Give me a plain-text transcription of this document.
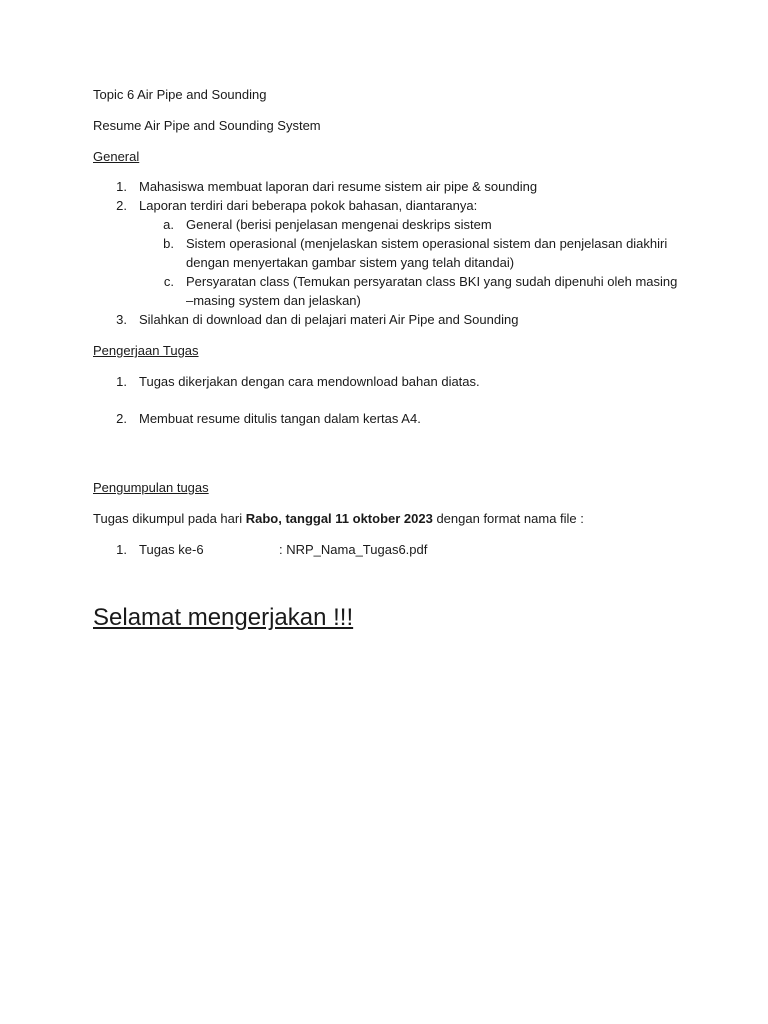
Topic 6 Air Pipe and Sounding
Resume Air Pipe and Sounding System
General
1. Mahasiswa membuat laporan dari resume sistem air pipe & sounding
2. Laporan terdiri dari beberapa pokok bahasan, diantaranya:
a. General (berisi penjelasan mengenai deskrips sistem
b. Sistem operasional (menjelaskan sistem operasional sistem dan penjelasan diakhiri
dengan menyertakan gambar sistem yang telah ditandai)
c. Persyaratan class (Temukan persyaratan class BKI yang sudah dipenuhi oleh masing
–masing system dan jelaskan)
3. Silahkan di download dan di pelajari materi Air Pipe and Sounding
Pengerjaan Tugas
1. Tugas dikerjakan dengan cara mendownload bahan diatas.
2. Membuat resume ditulis tangan dalam kertas A4.
Pengumpulan tugas
Tugas dikumpul pada hari Rabo, tanggal 11 oktober 2023 dengan format nama file :
1. Tugas ke-6	: NRP_Nama_Tugas6.pdf
Selamat mengerjakan !!!
